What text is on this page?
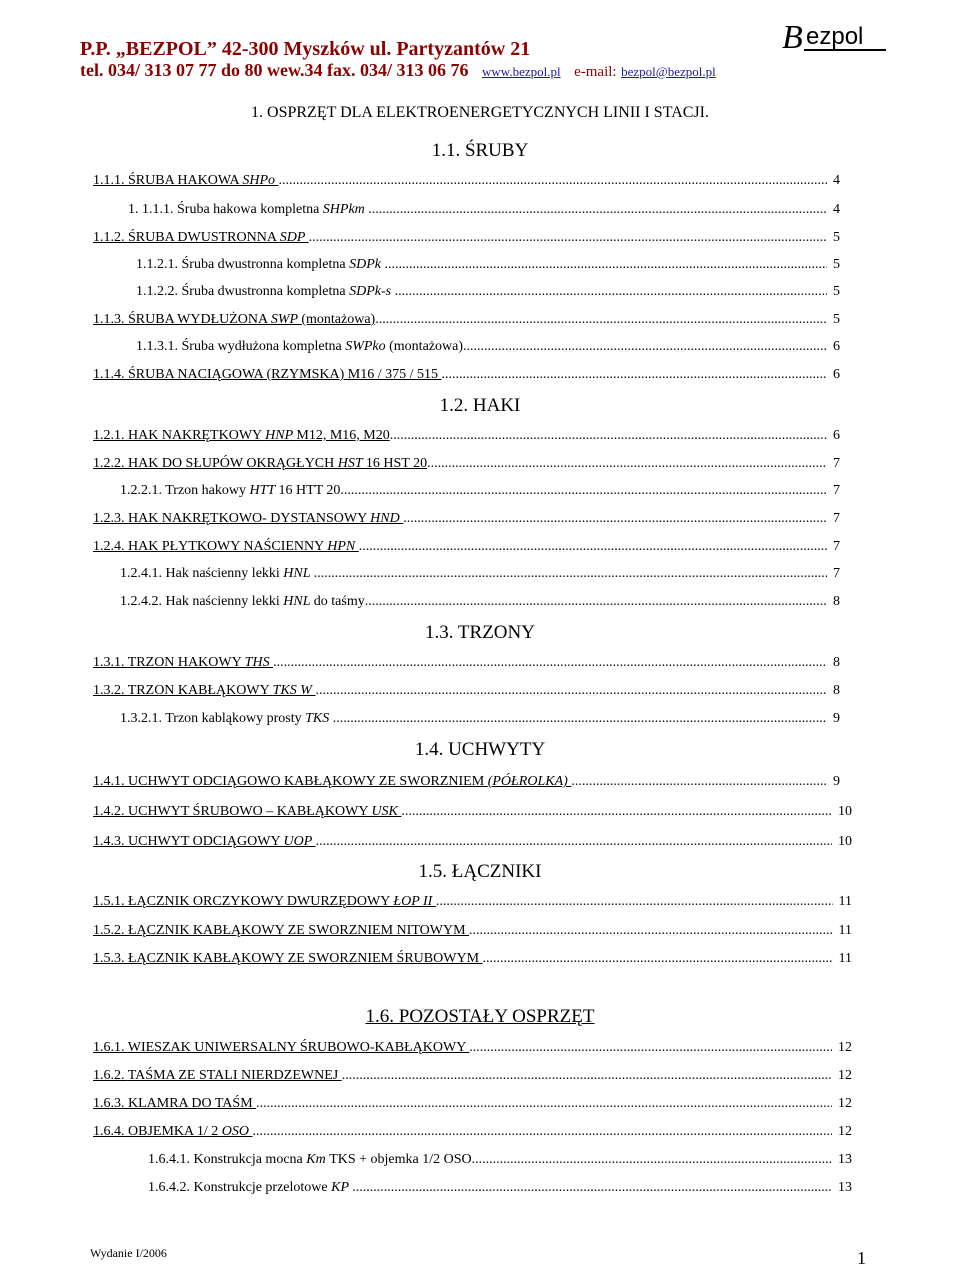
P.P. „BEZPOL” 42-300 Myszków ul. Partyzantów 21
tel. 034/ 313 07 77 do 80 wew.34 fax. 034/ 313 06 76 www.bezpol.pl e-mail: bezpol@bezpol.pl
B ezpol
1. OSPRZĘT DLA ELEKTROENERGETYCZNYCH LINII I STACJI.
1.1. ŚRUBY
1.2. HAKI
1.3. TRZONY
1.4. UCHWYTY
1.5. ŁĄCZNIKI
1.6. POZOSTAŁY OSPRZĘT
1.1.1. ŚRUBA HAKOWA SHPo .....	4
1. 1.1.1. Śruba hakowa kompletna SHPkm .....	4
1.1.2. ŚRUBA DWUSTRONNA SDP .....	5
1.1.2.1. Śruba dwustronna kompletna SDPk .....	5
1.1.2.2. Śruba dwustronna kompletna SDPk-s .....	5
1.1.3. ŚRUBA WYDŁUŻONA SWP (montażowa) .....	5
1.1.3.1. Śruba wydłużona kompletna SWPko (montażowa) .....	6
1.1.4. ŚRUBA NACIĄGOWA (RZYMSKA) M16 / 375 / 515 .....	6
1.2.1. HAK NAKRĘTKOWY HNP M12, M16, M20 .....	6
1.2.2. HAK DO SŁUPÓW OKRĄGŁYCH HST 16 HST 20 .....	7
1.2.2.1. Trzon hakowy HTT 16 HTT 20 .....	7
1.2.3. HAK NAKRĘTKOWO- DYSTANSOWY HND .....	7
1.2.4. HAK PŁYTKOWY NAŚCIENNY HPN .....	7
1.2.4.1. Hak naścienny lekki HNL .....	7
1.2.4.2. Hak naścienny lekki HNL do taśmy .....	8
1.3.1. TRZON HAKOWY THS .....	8
1.3.2. TRZON KABŁĄKOWY TKS W .....	8
1.3.2.1. Trzon kabląkowy prosty TKS .....	9
1.4.1. UCHWYT ODCIĄGOWO KABŁĄKOWY ZE SWORZNIEM (PÓŁROLKA) .....	9
1.4.2. UCHWYT ŚRUBOWO – KABŁĄKOWY USK .....	10
1.4.3. UCHWYT ODCIĄGOWY UOP .....	10
1.5.1. ŁĄCZNIK ORCZYKOWY DWURZĘDOWY ŁOP II .....	11
1.5.2. ŁĄCZNIK KABŁĄKOWY ZE SWORZNIEM NITOWYM .....	11
1.5.3. ŁĄCZNIK KABŁĄKOWY ZE SWORZNIEM ŚRUBOWYM .....	11
1.6.1. WIESZAK UNIWERSALNY ŚRUBOWO-KABŁĄKOWY .....	12
1.6.2. TAŚMA ZE STALI NIERDZEWNEJ .....	12
1.6.3. KLAMRA DO TAŚM .....	12
1.6.4. OBJEMKA 1/ 2 OSO .....	12
1.6.4.1. Konstrukcja mocna Km TKS + objemka 1/2 OSO .....	13
1.6.4.2. Konstrukcje przelotowe KP .....	13
Wydanie I/2006	1
